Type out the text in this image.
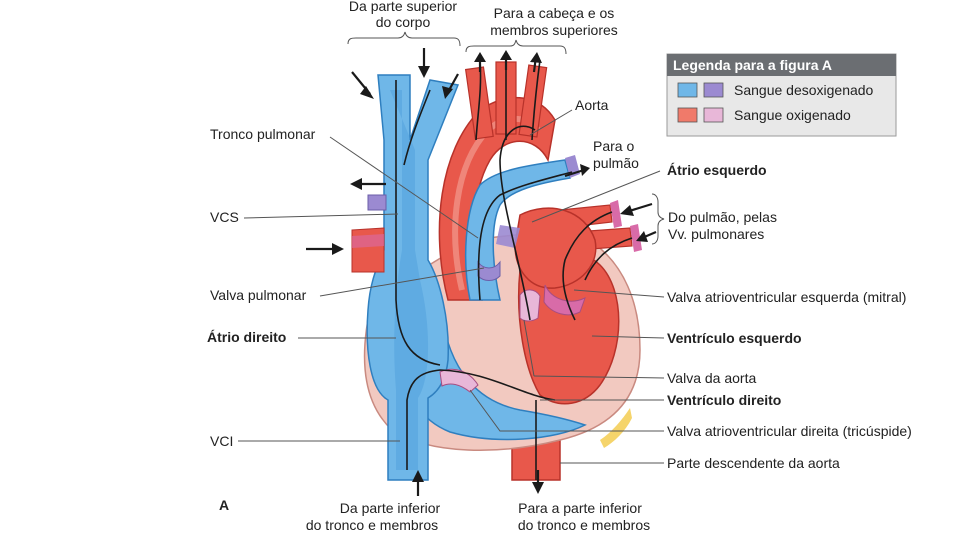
Da parte superior
do corpo
Para a cabeça e os
membros superiores
Aorta
Para o
pulmão
Tronco pulmonar
VCS
Valva pulmonar
Átrio direito
VCI
Átrio esquerdo
Do pulmão, pelas
Vv. pulmonares
Valva atrioventricular esquerda (mitral)
Ventrículo esquerdo
Valva da aorta
Ventrículo direito
Valva atrioventricular direita (tricúspide)
Parte descendente da aorta
Da parte inferior
do tronco e membros
Para a parte inferior
do tronco e membros
A
Legenda para a figura A
Sangue desoxigenado
Sangue oxigenado
